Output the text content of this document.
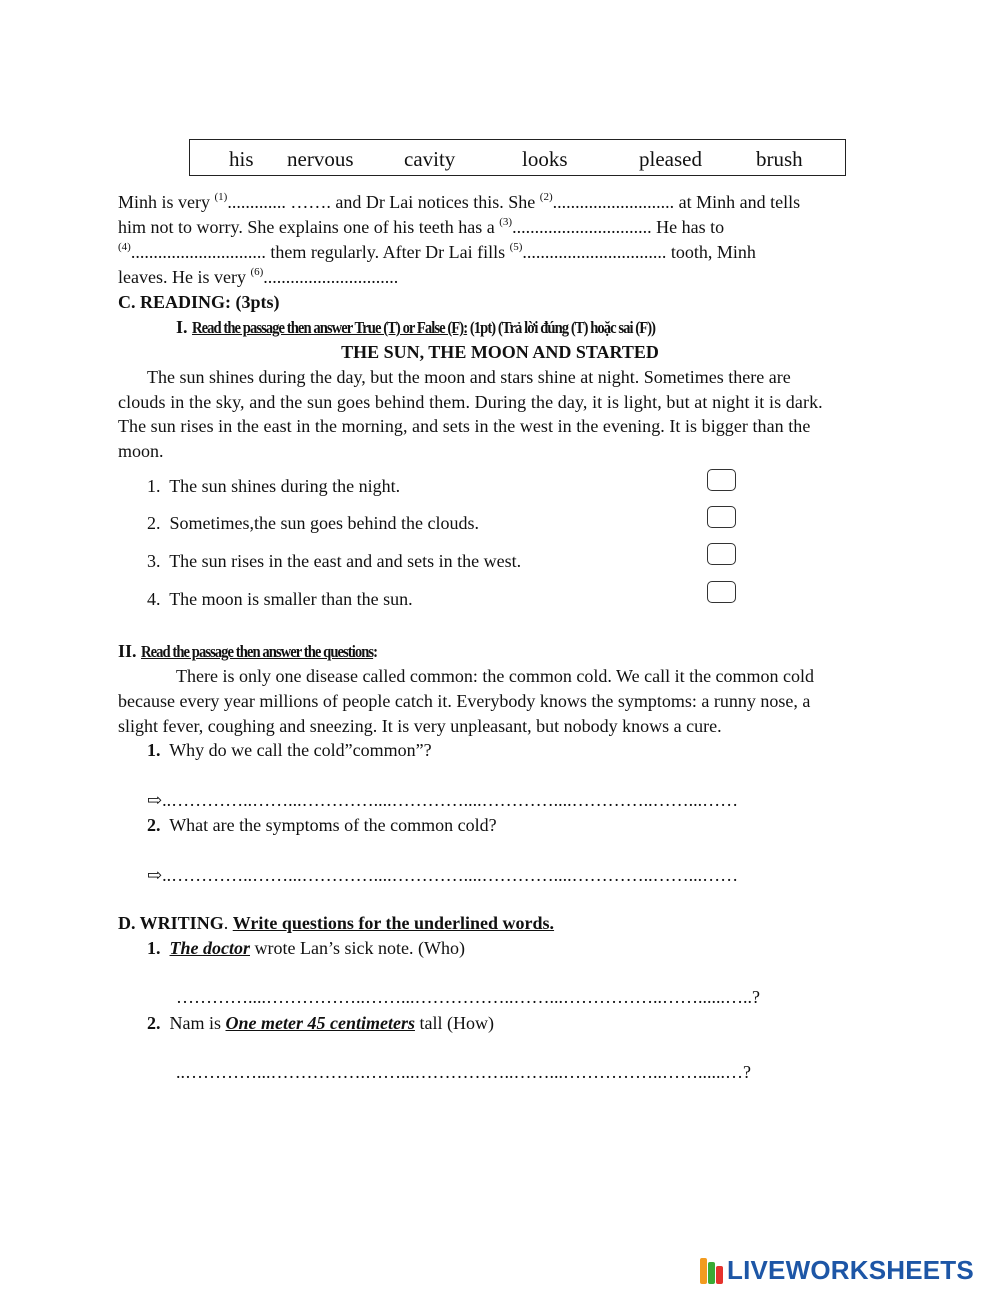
his nervous cavity	looks	pleased	brush
Minh is very $^{(1)}$............. ……. and Dr Lai notices this. She $^{(2)}$........................... at Minh and tells
him not to worry. She explains one of his teeth has a $^{(3)}$............................... He has to
$^{(4)}$.............................. them regularly. After Dr Lai fills $^{(5)}$................................ tooth, Minh
leaves. He is very $^{(6)}$..............................
C. READING: (3pts)
I. Read the passage then answer True (T) or False (F): (1pt) (Trả lời đúng (T) hoặc sai (F))
THE SUN, THE MOON AND STARTED
The sun shines during the day, but the moon and stars shine at night. Sometimes there are
clouds in the sky, and the sun goes behind them. During the day, it is light, but at night it is dark.
The sun rises in the east in the morning, and sets in the west in the evening. It is bigger than the
moon.
1. The sun shines during the night.
2. Sometimes,the sun goes behind the clouds.
3. The sun rises in the east and and sets in the west.
4. The moon is smaller than the sun.
II. Read the passage then answer the questions:
There is only one disease called common: the common cold. We call it the common cold
because every year millions of people catch it. Everybody knows the symptoms: a runny nose, a
slight fever, coughing and sneezing. It is very unpleasant, but nobody knows a cure.
1. Why do we call the cold”common”?
⇨..…………..……...…………....…………....…………....…………..……...……
2. What are the symptoms of the common cold?
⇨..…………..……...…………....…………....…………....…………..……...……
D. WRITING. Write questions for the underlined words.
1. The doctor wrote Lan’s sick note. (Who)
…………....……………..……...……………..……...……………..……......…..?
2. Nam is One meter 45 centimeters tall (How)
..…………...…………….……...……………..……...……………..……......…?
LIVEWORKSHEETS
